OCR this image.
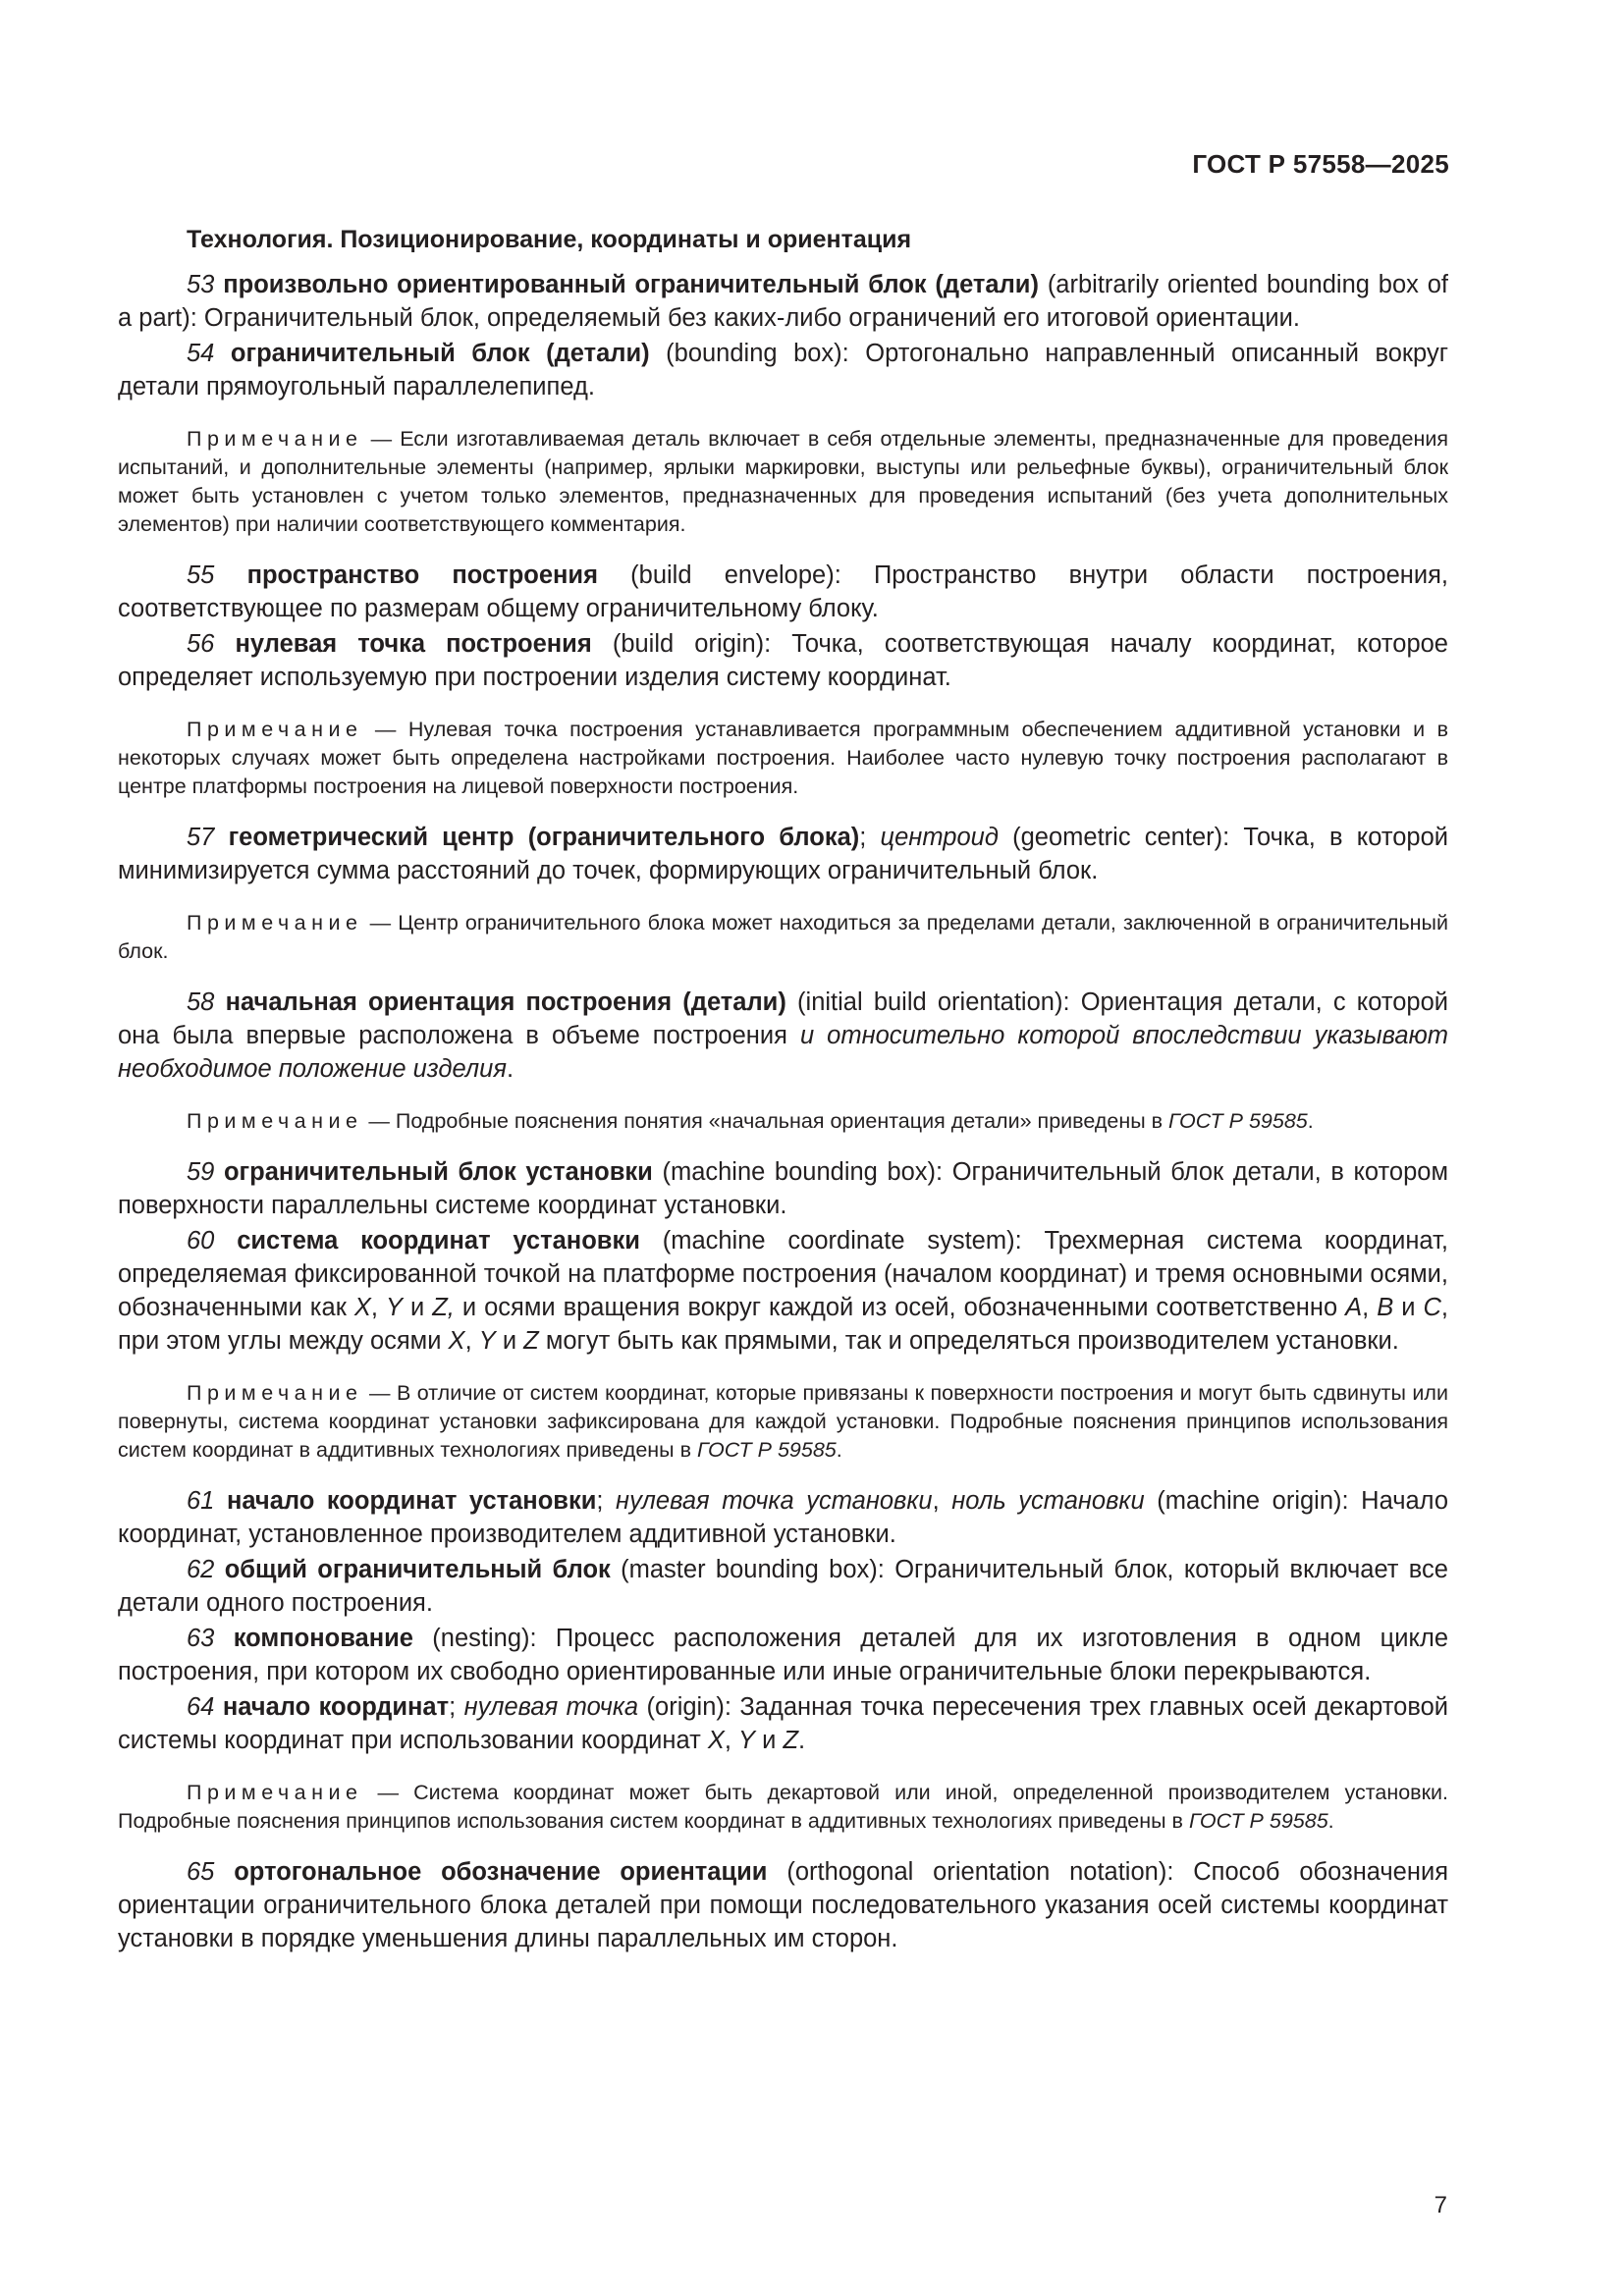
ГОСТ Р 57558—2025
Технология. Позиционирование, координаты и ориентация

53 произвольно ориентированный ограничительный блок (детали) (arbitrarily oriented bounding box of a part): Ограничительный блок, определяемый без каких-либо ограничений его итоговой ориентации.

54 ограничительный блок (детали) (bounding box): Ортогонально направленный описанный вокруг детали прямоугольный параллелепипед.

Примечание — Если изготавливаемая деталь включает в себя отдельные элементы, предназначенные для проведения испытаний, и дополнительные элементы (например, ярлыки маркировки, выступы или рельефные буквы), ограничительный блок может быть установлен с учетом только элементов, предназначенных для проведения испытаний (без учета дополнительных элементов) при наличии соответствующего комментария.

55 пространство построения (build envelope): Пространство внутри области построения, соответствующее по размерам общему ограничительному блоку.

56 нулевая точка построения (build origin): Точка, соответствующая началу координат, которое определяет используемую при построении изделия систему координат.

Примечание — Нулевая точка построения устанавливается программным обеспечением аддитивной установки и в некоторых случаях может быть определена настройками построения. Наиболее часто нулевую точку построения располагают в центре платформы построения на лицевой поверхности построения.

57 геометрический центр (ограничительного блока); центроид (geometric center): Точка, в которой минимизируется сумма расстояний до точек, формирующих ограничительный блок.

Примечание — Центр ограничительного блока может находиться за пределами детали, заключенной в ограничительный блок.

58 начальная ориентация построения (детали) (initial build orientation): Ориентация детали, с которой она была впервые расположена в объеме построения и относительно которой впоследствии указывают необходимое положение изделия.

Примечание — Подробные пояснения понятия «начальная ориентация детали» приведены в ГОСТ Р 59585.

59 ограничительный блок установки (machine bounding box): Ограничительный блок детали, в котором поверхности параллельны системе координат установки.

60 система координат установки (machine coordinate system): Трехмерная система координат, определяемая фиксированной точкой на платформе построения (началом координат) и тремя основными осями, обозначенными как X, Y и Z, и осями вращения вокруг каждой из осей, обозначенными соответственно A, B и C, при этом углы между осями X, Y и Z могут быть как прямыми, так и определяться производителем установки.

Примечание — В отличие от систем координат, которые привязаны к поверхности построения и могут быть сдвинуты или повернуты, система координат установки зафиксирована для каждой установки. Подробные пояснения принципов использования систем координат в аддитивных технологиях приведены в ГОСТ Р 59585.

61 начало координат установки; нулевая точка установки, ноль установки (machine origin): Начало координат, установленное производителем аддитивной установки.

62 общий ограничительный блок (master bounding box): Ограничительный блок, который включает все детали одного построения.

63 компонование (nesting): Процесс расположения деталей для их изготовления в одном цикле построения, при котором их свободно ориентированные или иные ограничительные блоки перекрываются.

64 начало координат; нулевая точка (origin): Заданная точка пересечения трех главных осей декартовой системы координат при использовании координат X, Y и Z.

Примечание — Система координат может быть декартовой или иной, определенной производителем установки. Подробные пояснения принципов использования систем координат в аддитивных технологиях приведены в ГОСТ Р 59585.

65 ортогональное обозначение ориентации (orthogonal orientation notation): Способ обозначения ориентации ограничительного блока деталей при помощи последовательного указания осей системы координат установки в порядке уменьшения длины параллельных им сторон.

7
